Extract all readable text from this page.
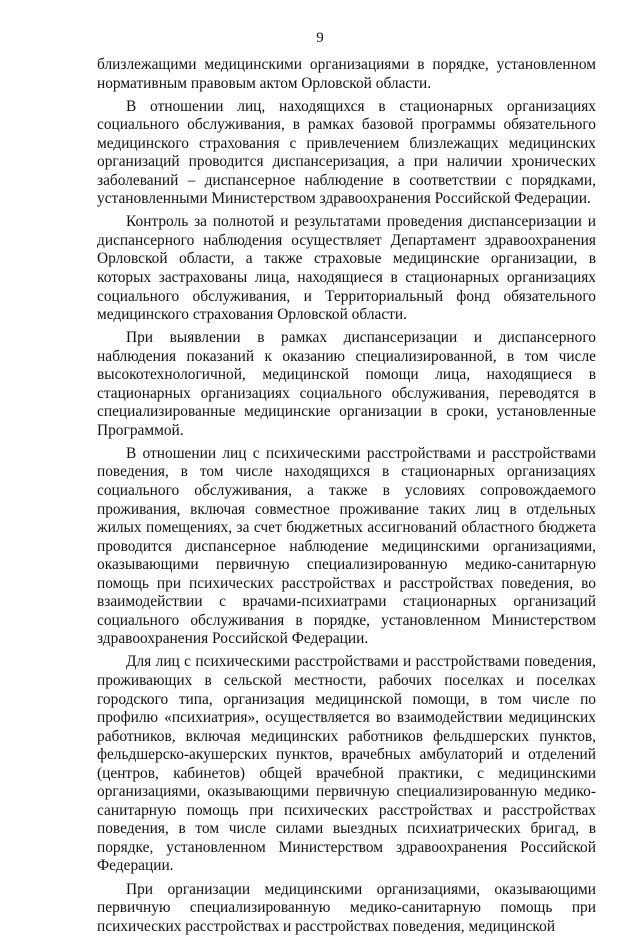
9

близлежащими медицинскими организациями в порядке, установленном нормативным правовым актом Орловской области.

В отношении лиц, находящихся в стационарных организациях социального обслуживания, в рамках базовой программы обязательного медицинского страхования с привлечением близлежащих медицинских организаций проводится диспансеризация, а при наличии хронических заболеваний – диспансерное наблюдение в соответствии с порядками, установленными Министерством здравоохранения Российской Федерации.

Контроль за полнотой и результатами проведения диспансеризации и диспансерного наблюдения осуществляет Департамент здравоохранения Орловской области, а также страховые медицинские организации, в которых застрахованы лица, находящиеся в стационарных организациях социального обслуживания, и Территориальный фонд обязательного медицинского страхования Орловской области.

При выявлении в рамках диспансеризации и диспансерного наблюдения показаний к оказанию специализированной, в том числе высокотехнологичной, медицинской помощи лица, находящиеся в стационарных организациях социального обслуживания, переводятся в специализированные медицинские организации в сроки, установленные Программой.

В отношении лиц с психическими расстройствами и расстройствами поведения, в том числе находящихся в стационарных организациях социального обслуживания, а также в условиях сопровождаемого проживания, включая совместное проживание таких лиц в отдельных жилых помещениях, за счет бюджетных ассигнований областного бюджета проводится диспансерное наблюдение медицинскими организациями, оказывающими первичную специализированную медико-санитарную помощь при психических расстройствах и расстройствах поведения, во взаимодействии с врачами-психиатрами стационарных организаций социального обслуживания в порядке, установленном Министерством здравоохранения Российской Федерации.

Для лиц с психическими расстройствами и расстройствами поведения, проживающих в сельской местности, рабочих поселках и поселках городского типа, организация медицинской помощи, в том числе по профилю «психиатрия», осуществляется во взаимодействии медицинских работников, включая медицинских работников фельдшерских пунктов, фельдшерско-акушерских пунктов, врачебных амбулаторий и отделений (центров, кабинетов) общей врачебной практики, с медицинскими организациями, оказывающими первичную специализированную медико-санитарную помощь при психических расстройствах и расстройствах поведения, в том числе силами выездных психиатрических бригад, в порядке, установленном Министерством здравоохранения Российской Федерации.

При организации медицинскими организациями, оказывающими первичную специализированную медико-санитарную помощь при психических расстройствах и расстройствах поведения, медицинской
